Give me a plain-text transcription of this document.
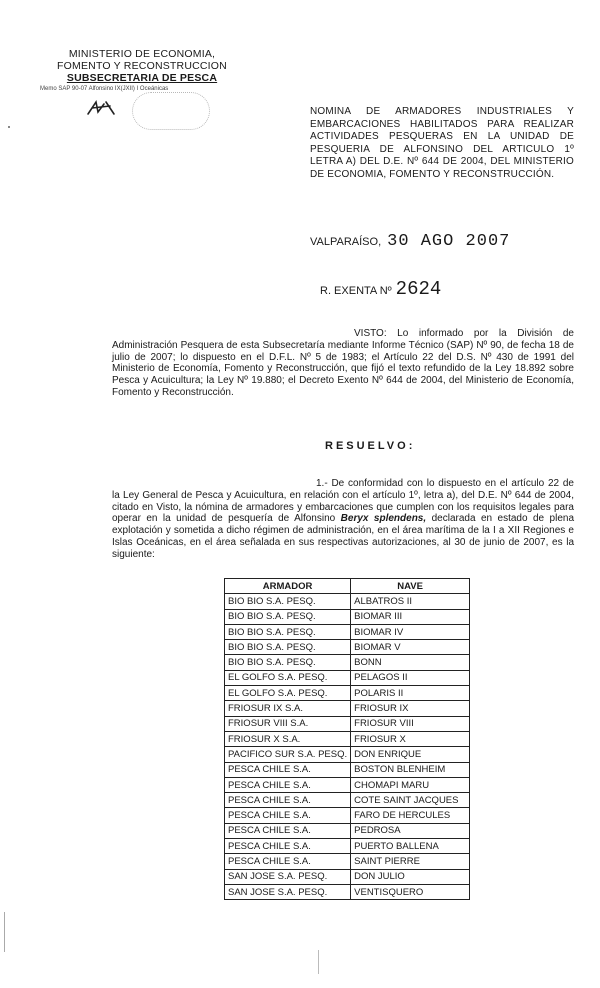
MINISTERIO DE ECONOMIA,
FOMENTO Y RECONSTRUCCION
SUBSECRETARIA DE PESCA
Memo SAP 90-07 Alfonsino IX(JXII) I Oceánicas
NOMINA DE ARMADORES INDUSTRIALES Y EMBARCACIONES HABILITADOS PARA REALIZAR ACTIVIDADES PESQUERAS EN LA UNIDAD DE PESQUERIA DE ALFONSINO DEL ARTICULO 1º LETRA A) DEL D.E. Nº 644 DE 2004, DEL MINISTERIO DE ECONOMIA, FOMENTO Y RECONSTRUCCIÓN.
VALPARAÍSO, 30 AGO 2007
R. EXENTA Nº 2624
VISTO: Lo informado por la División de Administración Pesquera de esta Subsecretaría mediante Informe Técnico (SAP) Nº 90, de fecha 18 de julio de 2007; lo dispuesto en el D.F.L. Nº 5 de 1983; el Artículo 22 del D.S. Nº 430 de 1991 del Ministerio de Economía, Fomento y Reconstrucción, que fijó el texto refundido de la Ley 18.892 sobre Pesca y Acuicultura; la Ley Nº 19.880; el Decreto Exento Nº 644 de 2004, del Ministerio de Economía, Fomento y Reconstrucción.
RESUELVO:
1.- De conformidad con lo dispuesto en el artículo 22 de la Ley General de Pesca y Acuicultura, en relación con el artículo 1º, letra a), del D.E. Nº 644 de 2004, citado en Visto, la nómina de armadores y embarcaciones que cumplen con los requisitos legales para operar en la unidad de pesquería de Alfonsino Beryx splendens, declarada en estado de plena explotación y sometida a dicho régimen de administración, en el área marítima de la I a XII Regiones e Islas Oceánicas, en el área señalada en sus respectivas autorizaciones, al 30 de junio de 2007, es la siguiente:
ARMADOR	NAVE
BIO BIO S.A. PESQ.	ALBATROS II
BIO BIO S.A. PESQ.	BIOMAR III
BIO BIO S.A. PESQ.	BIOMAR IV
BIO BIO S.A. PESQ.	BIOMAR V
BIO BIO S.A. PESQ.	BONN
EL GOLFO S.A. PESQ.	PELAGOS II
EL GOLFO S.A. PESQ.	POLARIS II
FRIOSUR IX S.A.	FRIOSUR IX
FRIOSUR VIII S.A.	FRIOSUR VIII
FRIOSUR X S.A.	FRIOSUR X
PACIFICO SUR S.A. PESQ.	DON ENRIQUE
PESCA CHILE S.A.	BOSTON BLENHEIM
PESCA CHILE S.A.	CHOMAPI MARU
PESCA CHILE S.A.	COTE SAINT JACQUES
PESCA CHILE S.A.	FARO DE HERCULES
PESCA CHILE S.A.	PEDROSA
PESCA CHILE S.A.	PUERTO BALLENA
PESCA CHILE S.A.	SAINT PIERRE
SAN JOSE S.A. PESQ.	DON JULIO
SAN JOSE S.A. PESQ.	VENTISQUERO
